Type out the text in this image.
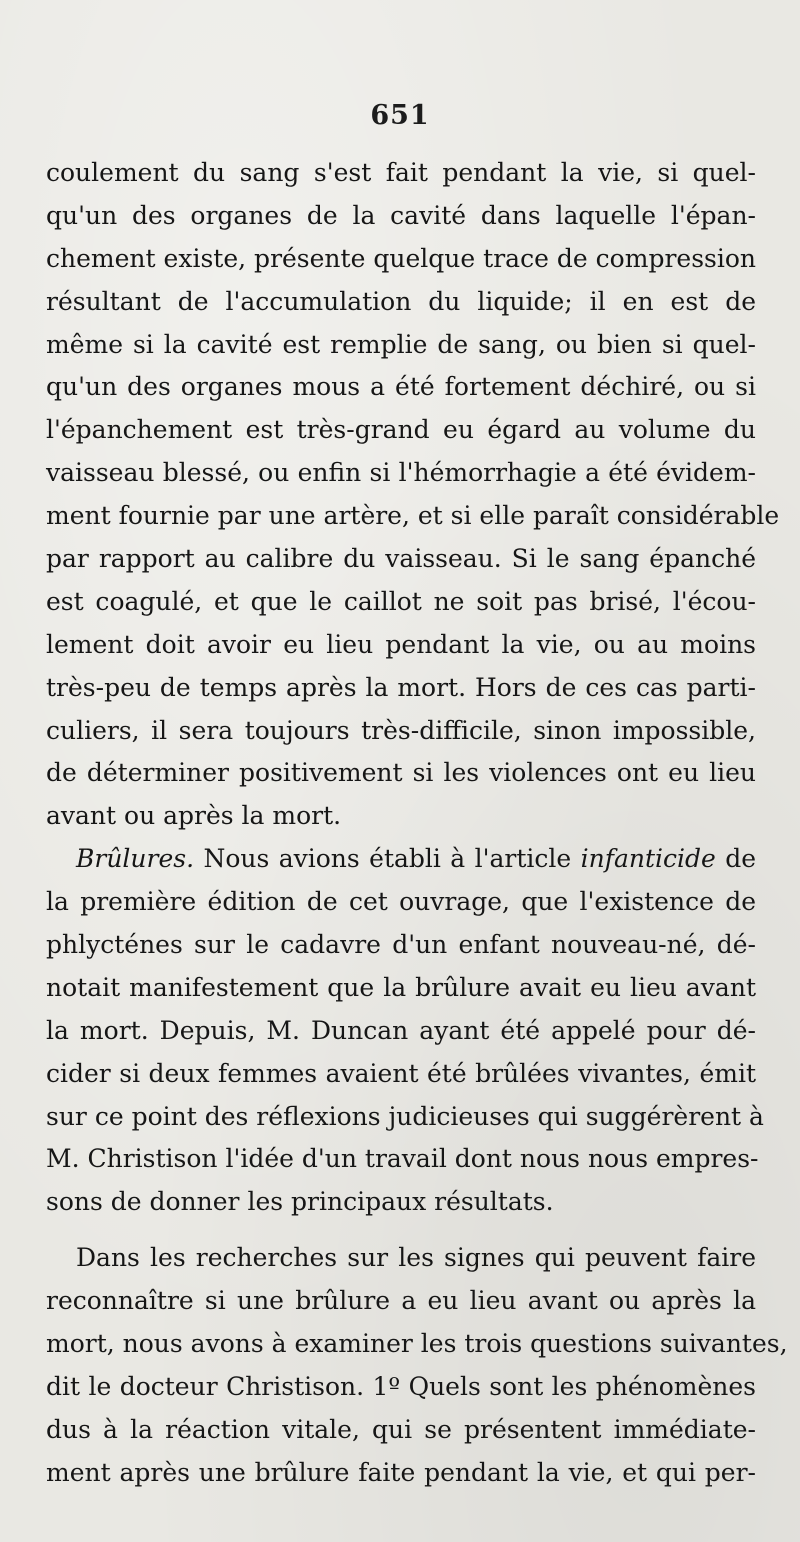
651
coulement du sang s'est fait pendant la vie, si quel-
qu'un des organes de la cavité dans laquelle l'épan-
chement existe, présente quelque trace de compression
résultant de l'accumulation du liquide; il en est de
même si la cavité est remplie de sang, ou bien si quel-
qu'un des organes mous a été fortement déchiré, ou si
l'épanchement est très-grand eu égard au volume du
vaisseau blessé, ou enfin si l'hémorrhagie a été évidem-
ment fournie par une artère, et si elle paraît considérable
par rapport au calibre du vaisseau. Si le sang épanché
est coagulé, et que le caillot ne soit pas brisé, l'écou-
lement doit avoir eu lieu pendant la vie, ou au moins
très-peu de temps après la mort. Hors de ces cas parti-
culiers, il sera toujours très-difficile, sinon impossible,
de déterminer positivement si les violences ont eu lieu
avant ou après la mort.
Brûlures. Nous avions établi à l'article infanticide de
la première édition de cet ouvrage, que l'existence de
phlycténes sur le cadavre d'un enfant nouveau-né, dé-
notait manifestement que la brûlure avait eu lieu avant
la mort. Depuis, M. Duncan ayant été appelé pour dé-
cider si deux femmes avaient été brûlées vivantes, émit
sur ce point des réflexions judicieuses qui suggérèrent à
M. Christison l'idée d'un travail dont nous nous empres-
sons de donner les principaux résultats.
Dans les recherches sur les signes qui peuvent faire
reconnaître si une brûlure a eu lieu avant ou après la
mort, nous avons à examiner les trois questions suivantes,
dit le docteur Christison. 1º Quels sont les phénomènes
dus à la réaction vitale, qui se présentent immédiate-
ment après une brûlure faite pendant la vie, et qui per-
